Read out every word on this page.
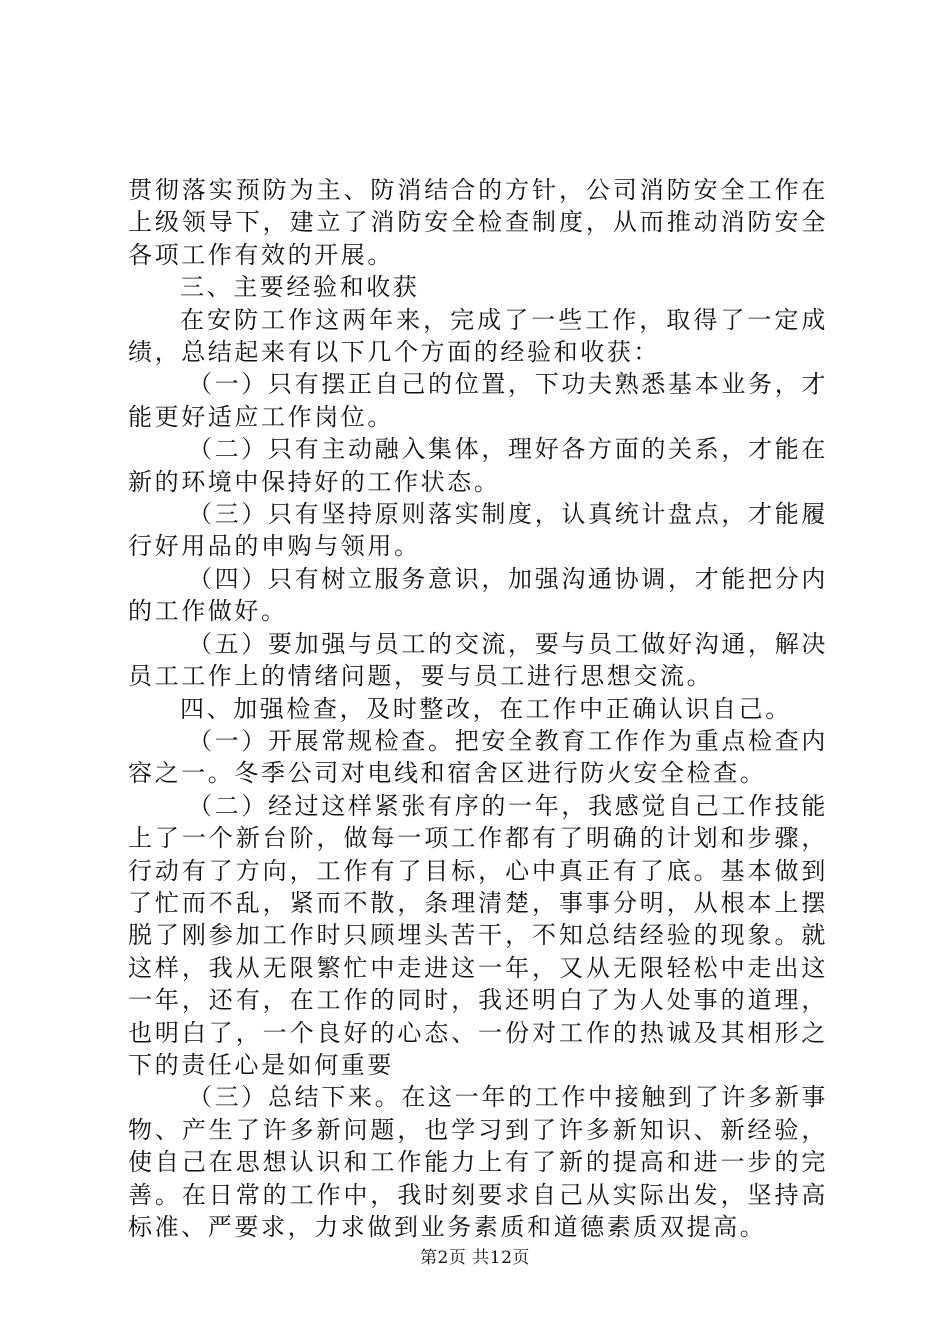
贯彻落实预防为主、防消结合的方针，公司消防安全工作在上级领导下，建立了消防安全检查制度，从而推动消防安全各项工作有效的开展。

三、主要经验和收获

在安防工作这两年来，完成了一些工作，取得了一定成绩，总结起来有以下几个方面的经验和收获：

（一）只有摆正自己的位置，下功夫熟悉基本业务，才能更好适应工作岗位。

（二）只有主动融入集体，理好各方面的关系，才能在新的环境中保持好的工作状态。

（三）只有坚持原则落实制度，认真统计盘点，才能履行好用品的申购与领用。

（四）只有树立服务意识，加强沟通协调，才能把分内的工作做好。

（五）要加强与员工的交流，要与员工做好沟通，解决员工工作上的情绪问题，要与员工进行思想交流。

四、加强检查，及时整改，在工作中正确认识自己。

（一）开展常规检查。把安全教育工作作为重点检查内容之一。冬季公司对电线和宿舍区进行防火安全检查。

（二）经过这样紧张有序的一年，我感觉自己工作技能上了一个新台阶，做每一项工作都有了明确的计划和步骤，行动有了方向，工作有了目标，心中真正有了底。基本做到了忙而不乱，紧而不散，条理清楚，事事分明，从根本上摆脱了刚参加工作时只顾埋头苦干，不知总结经验的现象。就这样，我从无限繁忙中走进这一年，又从无限轻松中走出这一年，还有，在工作的同时，我还明白了为人处事的道理，也明白了，一个良好的心态、一份对工作的热诚及其相形之下的责任心是如何重要

（三）总结下来。在这一年的工作中接触到了许多新事物、产生了许多新问题，也学习到了许多新知识、新经验，使自己在思想认识和工作能力上有了新的提高和进一步的完善。在日常的工作中，我时刻要求自己从实际出发，坚持高标准、严要求，力求做到业务素质和道德素质双提高。

第2页 共12页
